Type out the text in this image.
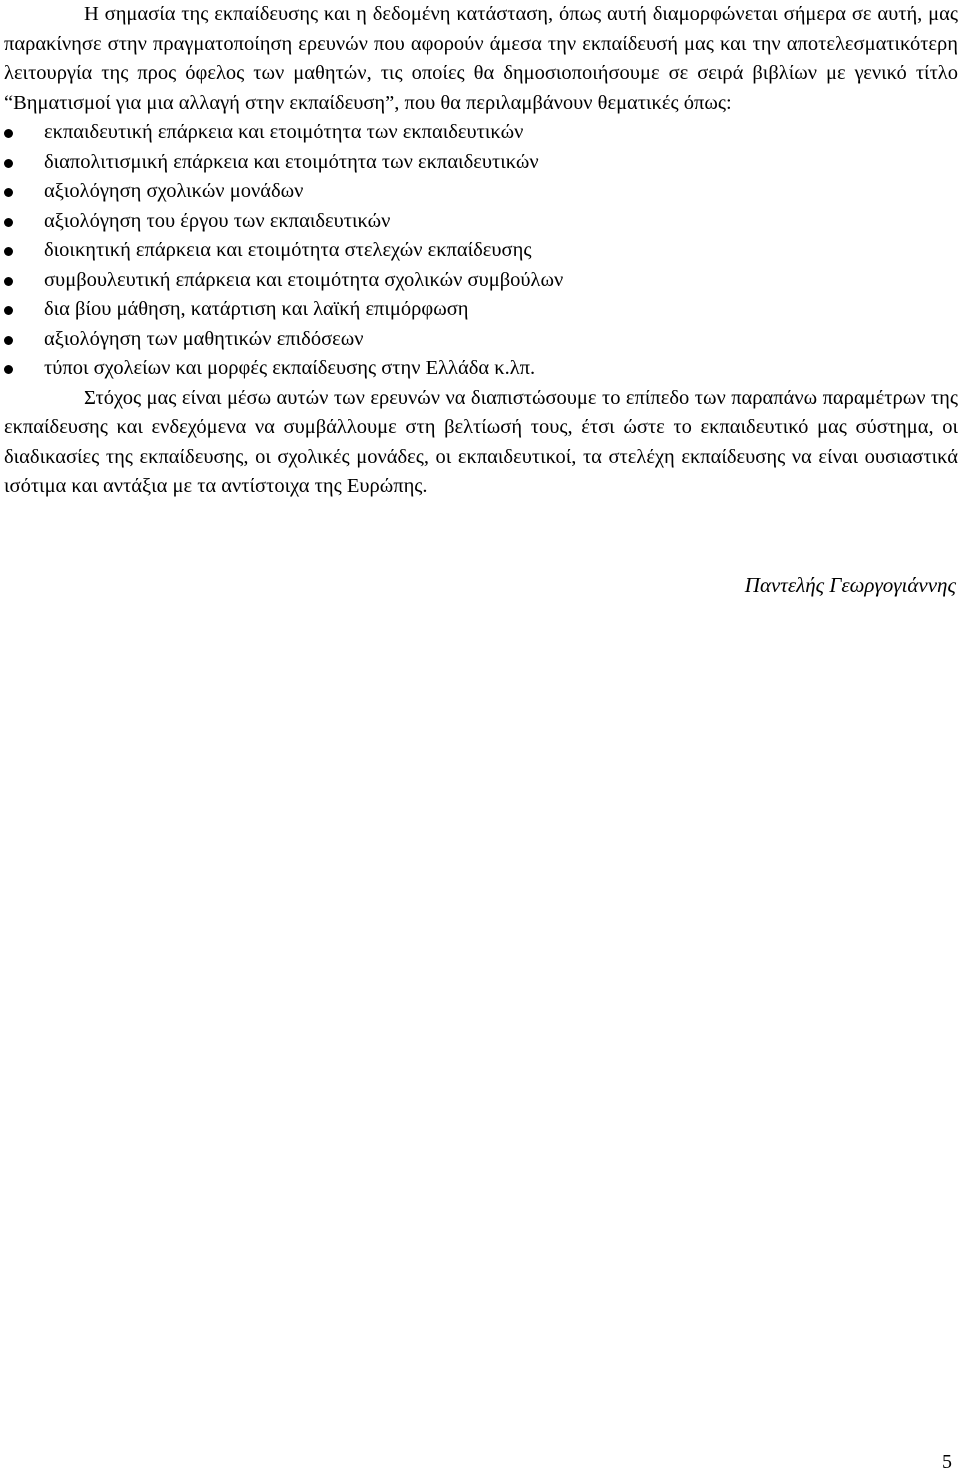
Η σημασία της εκπαίδευσης και η δεδομένη κατάσταση, όπως αυτή διαμορφώνεται σήμερα σε αυτή, μας παρακίνησε στην πραγματοποίηση ερευνών που αφορούν άμεσα την εκπαίδευσή μας και την αποτελεσματικότερη λειτουργία της προς όφελος των μαθητών, τις οποίες θα δημοσιοποιήσουμε σε σειρά βιβλίων με γενικό τίτλο “Βηματισμοί για μια αλλαγή στην εκπαίδευση”, που θα περιλαμβάνουν θεματικές όπως:

εκπαιδευτική επάρκεια και ετοιμότητα των εκπαιδευτικών
διαπολιτισμική επάρκεια και ετοιμότητα των εκπαιδευτικών
αξιολόγηση σχολικών μονάδων
αξιολόγηση του έργου των εκπαιδευτικών
διοικητική επάρκεια και ετοιμότητα στελεχών εκπαίδευσης
συμβουλευτική επάρκεια και ετοιμότητα σχολικών συμβούλων
δια βίου μάθηση, κατάρτιση και λαϊκή επιμόρφωση
αξιολόγηση των μαθητικών επιδόσεων
τύποι σχολείων και μορφές εκπαίδευσης στην Ελλάδα κ.λπ.

Στόχος μας είναι μέσω αυτών των ερευνών να διαπιστώσουμε το επίπεδο των παραπάνω παραμέτρων της εκπαίδευσης και ενδεχόμενα να συμβάλλουμε στη βελτίωσή τους, έτσι ώστε το εκπαιδευτικό μας σύστημα, οι διαδικασίες της εκπαίδευσης, οι σχολικές μονάδες, οι εκπαιδευτικοί, τα στελέχη εκπαίδευσης να είναι ουσιαστικά ισότιμα και αντάξια με τα αντίστοιχα της Ευρώπης.

Παντελής Γεωργογιάννης
5
